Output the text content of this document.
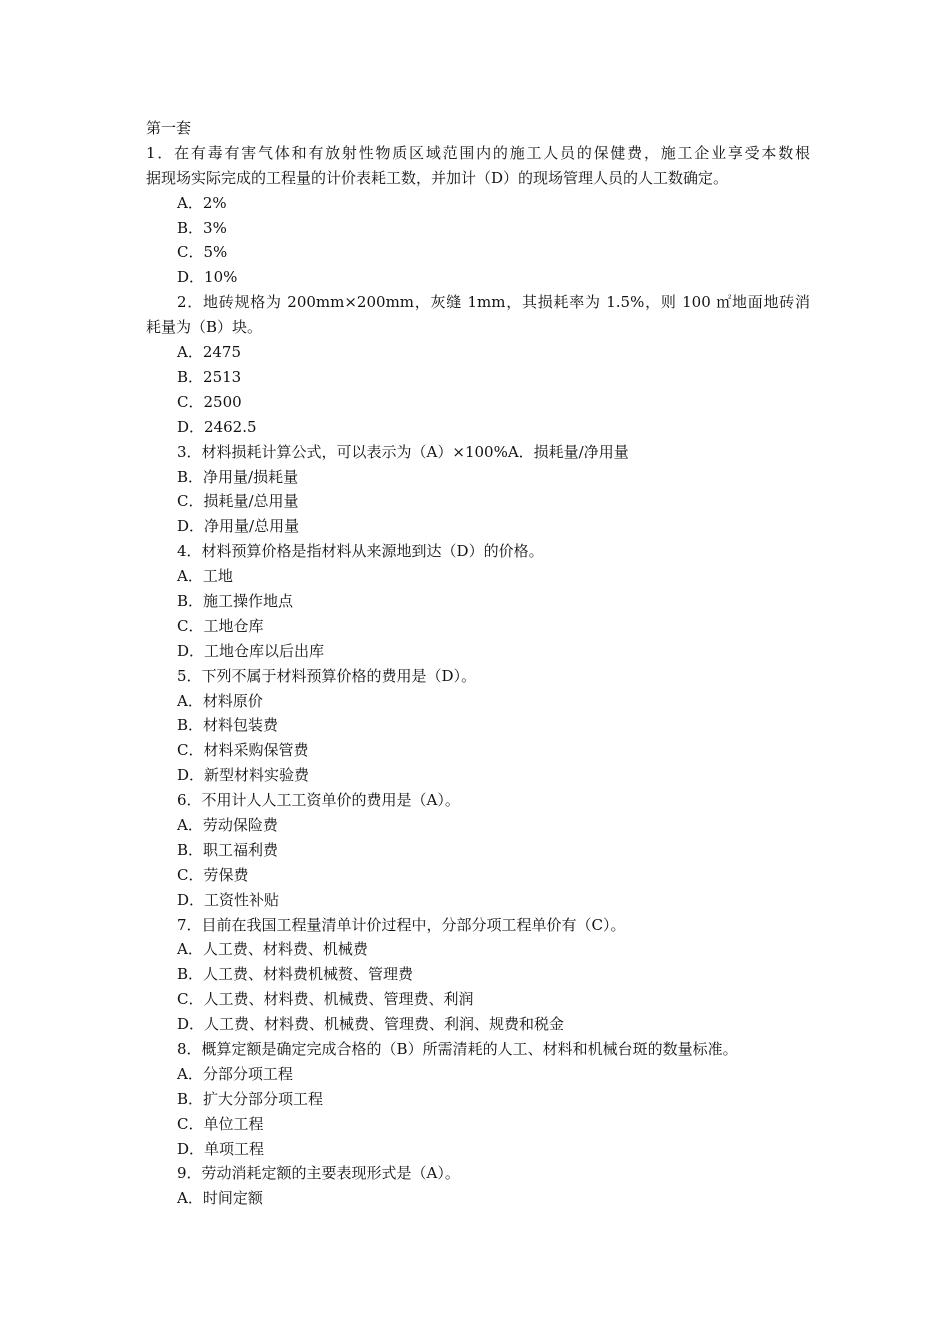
第一套
1．在有毒有害气体和有放射性物质区域范围内的施工人员的保健费，施工企业享受本数根
据现场实际完成的工程量的计价表耗工数，并加计（D）的现场管理人员的人工数确定。
A．2%
B．3%
C．5%
D．10%
2．地砖规格为 200mm×200mm，灰缝 1mm，其损耗率为 1.5%，则 100 ㎡地面地砖消
耗量为（B）块。
A．2475
B．2513
C．2500
D．2462.5
3．材料损耗计算公式，可以表示为（A）×100%A．损耗量/净用量
B．净用量/损耗量
C．损耗量/总用量
D．净用量/总用量
4．材料预算价格是指材料从来源地到达（D）的价格。
A．工地
B．施工操作地点
C．工地仓库
D．工地仓库以后出库
5．下列不属于材料预算价格的费用是（D）。
A．材料原价
B．材料包装费
C．材料采购保管费
D．新型材料实验费
6．不用计人人工工资单价的费用是（A）。
A．劳动保险费
B．职工福利费
C．劳保费
D．工资性补贴
7．目前在我国工程量清单计价过程中，分部分项工程单价有（C）。
A．人工费、材料费、机械费
B．人工费、材料费机械赘、管理费
C．人工费、材料费、机械费、管理费、利润
D．人工费、材料费、机械费、管理费、利润、规费和税金
8．概算定额是确定完成合格的（B）所需清耗的人工、材料和机械台斑的数量标准。
A．分部分项工程
B．扩大分部分项工程
C．单位工程
D．单项工程
9．劳动消耗定额的主要表现形式是（A）。
A．时间定额
